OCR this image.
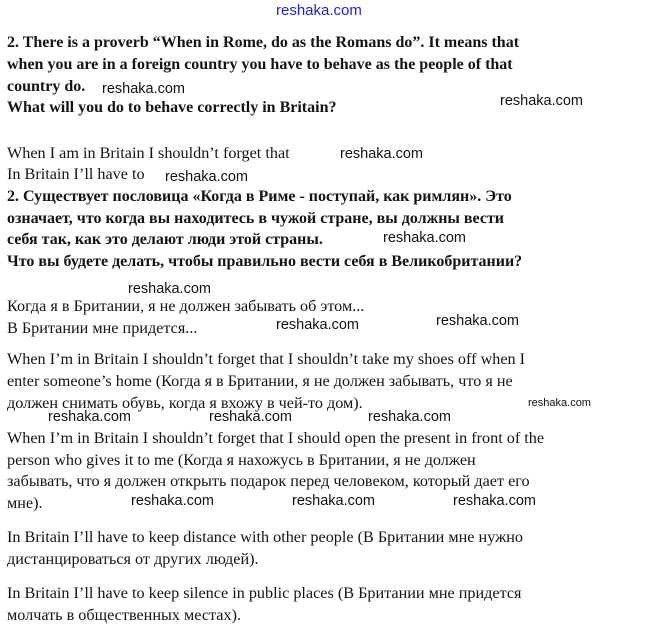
reshaka.com
2. There is a proverb “When in Rome, do as the Romans do”. It means that
when you are in a foreign country you have to behave as the people of that
country do.
What will you do to behave correctly in Britain?
When I am in Britain I shouldn’t forget that
In Britain I’ll have to
2. Существует пословица «Когда в Риме - поступай, как римлян». Это
означает, что когда вы находитесь в чужой стране, вы должны вести
себя так, как это делают люди этой страны.
Что вы будете делать, чтобы правильно вести себя в Великобритании?
Когда я в Британии, я не должен забывать об этом...
В Британии мне придется...
When I’m in Britain I shouldn’t forget that I shouldn’t take my shoes off when I
enter someone’s home (Когда я в Британии, я не должен забывать, что я не
должен снимать обувь, когда я вхожу в чей-то дом).
When I’m in Britain I shouldn’t forget that I should open the present in front of the
person who gives it to me (Когда я нахожусь в Британии, я не должен
забывать, что я должен открыть подарок перед человеком, который дает его
мне).
In Britain I’ll have to keep distance with other people (В Британии мне нужно
дистанцироваться от других людей).
In Britain I’ll have to keep silence in public places (В Британии мне придется
молчать в общественных местах).
reshaka.com
reshaka.com
reshaka.com
reshaka.com
reshaka.com
reshaka.com
reshaka.com	reshaka.com
reshaka.com
reshaka.com	reshaka.com	reshaka.com
reshaka.com	reshaka.com	reshaka.com
